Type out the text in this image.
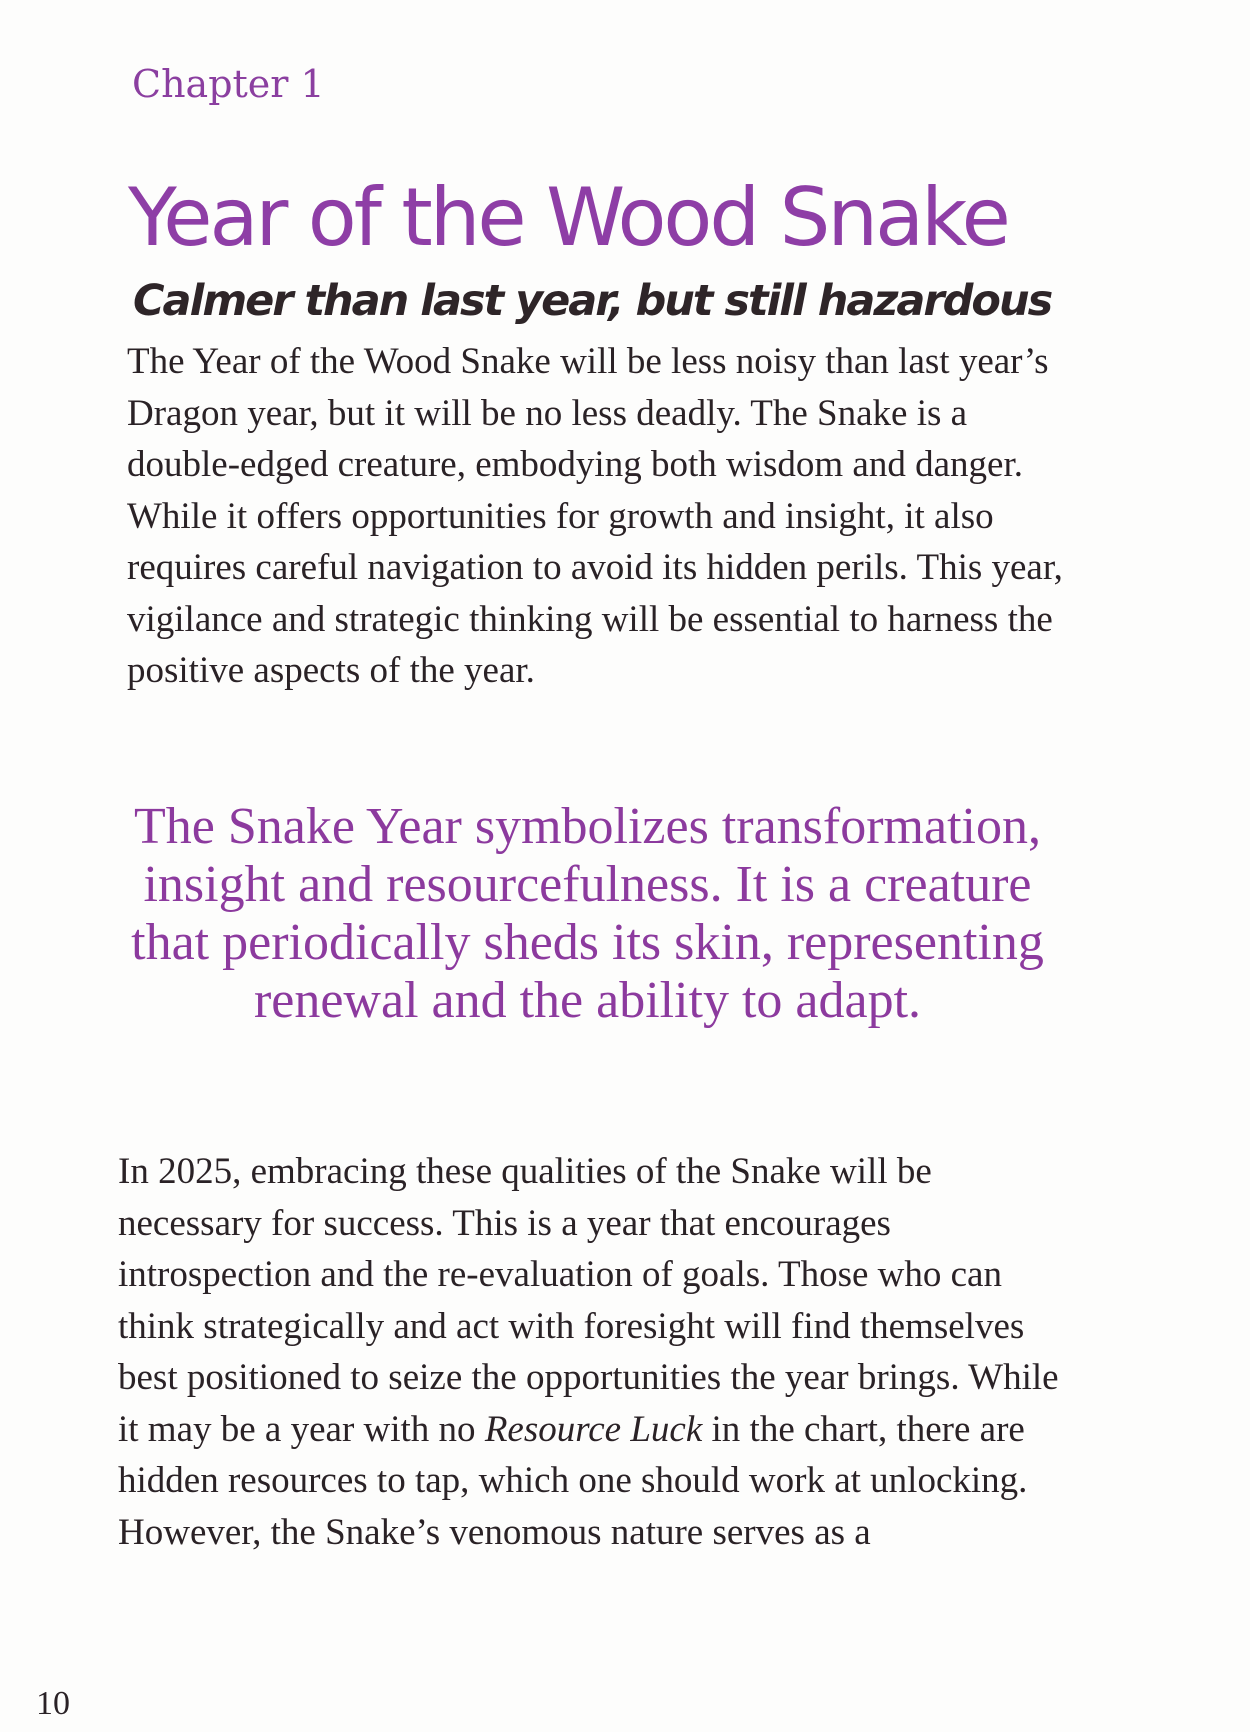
Chapter 1
Year of the Wood Snake
Calmer than last year, but still hazardous

The Year of the Wood Snake will be less noisy than last year’s Dragon year, but it will be no less deadly. The Snake is a double-edged creature, embodying both wisdom and danger. While it offers opportunities for growth and insight, it also requires careful navigation to avoid its hidden perils. This year, vigilance and strategic thinking will be essential to harness the positive aspects of the year.

The Snake Year symbolizes transformation, insight and resourcefulness. It is a creature that periodically sheds its skin, representing renewal and the ability to adapt.

In 2025, embracing these qualities of the Snake will be necessary for success. This is a year that encourages introspection and the re-evaluation of goals. Those who can think strategically and act with foresight will find themselves best positioned to seize the opportunities the year brings. While it may be a year with no Resource Luck in the chart, there are hidden resources to tap, which one should work at unlocking. However, the Snake’s venomous nature serves as a

10
